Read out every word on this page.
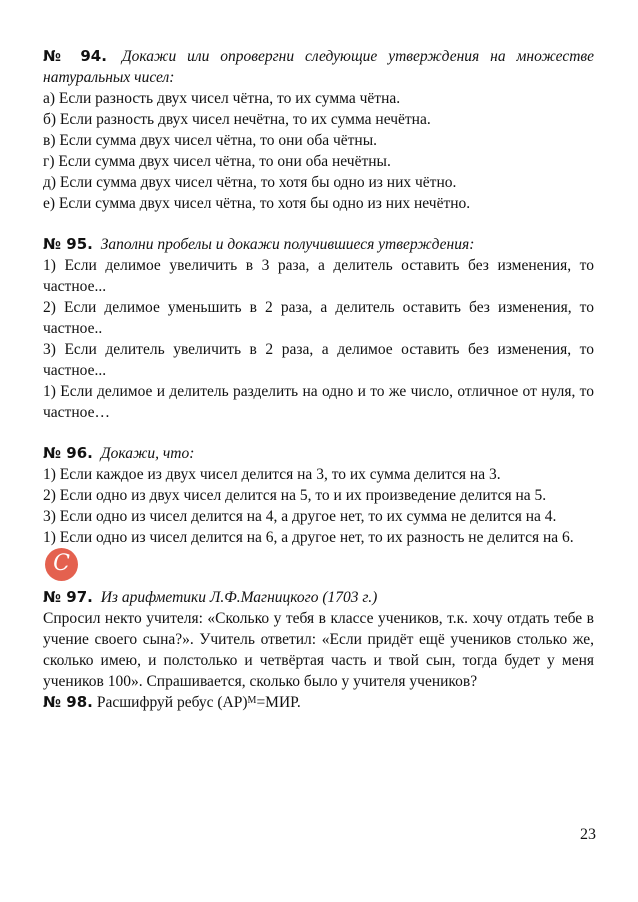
№ 94. Докажи или опровергни следующие утверждения на множестве натуральных чисел:
а) Если разность двух чисел чётна, то их сумма чётна.
б) Если разность двух чисел нечётна, то их сумма нечётна.
в) Если сумма двух чисел чётна, то они оба чётны.
г) Если сумма двух чисел чётна, то они оба нечётны.
д) Если сумма двух чисел чётна, то хотя бы одно из них чётно.
е) Если сумма двух чисел чётна, то хотя бы одно из них нечётно.
№ 95. Заполни пробелы и докажи получившиеся утверждения:
1) Если делимое увеличить в 3 раза, а делитель оставить без изменения, то частное...
2) Если делимое уменьшить в 2 раза, а делитель оставить без изменения, то частное..
3) Если делитель увеличить в 2 раза, а делимое оставить без изменения, то частное...
1) Если делимое и делитель разделить на одно и то же число, отличное от нуля, то частное…
№ 96. Докажи, что:
1) Если каждое из двух чисел делится на 3, то их сумма делится на 3.
2) Если одно из двух чисел делится на 5, то и их произведение делится на 5.
3) Если одно из чисел делится на 4, а другое нет, то их сумма не делится на 4.
1) Если одно из чисел делится на 6, а другое нет, то их разность не делится на 6.
C
№ 97. Из арифметики Л.Ф.Магницкого (1703 г.)
Спросил некто учителя: «Сколько у тебя в классе учеников, т.к. хочу отдать тебе в учение своего сына?». Учитель ответил: «Если придёт ещё учеников столько же, сколько имею, и полстолько и четвёртая часть и твой сын, тогда будет у меня учеников 100». Спрашивается, сколько было у учителя учеников?
№ 98. Расшифруй ребус (АР)$^М$=МИР.
23
